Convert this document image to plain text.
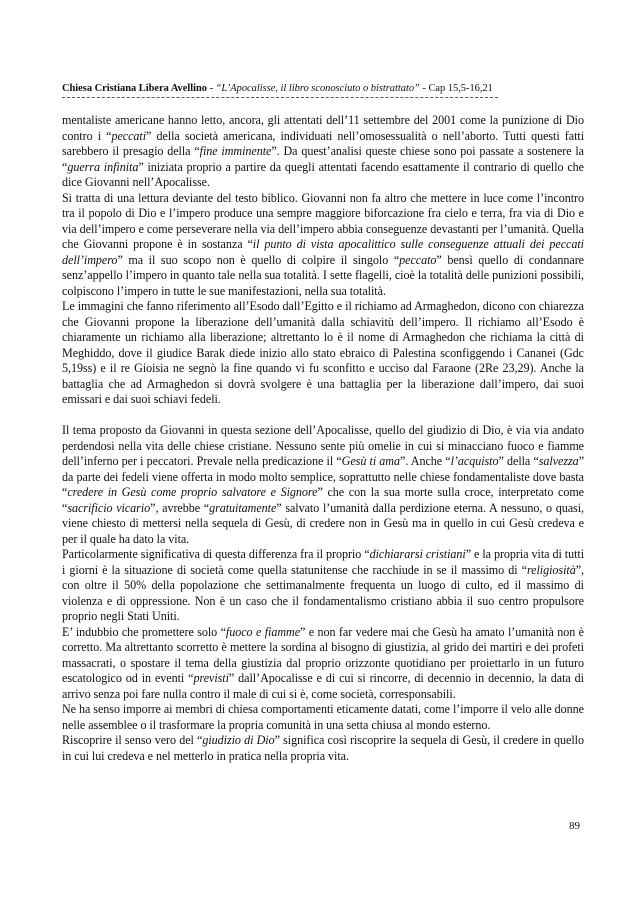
Chiesa Cristiana Libera Avellino - “L’Apocalisse, il libro sconosciuto o bistrattato” - Cap 15,5-16,21

mentaliste americane hanno letto, ancora, gli attentati dell’11 settembre del 2001 come la punizione di Dio contro i “peccati” della società americana, individuati nell’omosessualità o nell’aborto. Tutti questi fatti sarebbero il presagio della “fine imminente”. Da quest’analisi queste chiese sono poi passate a sostenere la “guerra infinita” iniziata proprio a partire da quegli attentati facendo esattamente il contrario di quello che dice Giovanni nell’Apocalisse.

Si tratta di una lettura deviante del testo biblico. Giovanni non fa altro che mettere in luce come l’incontro tra il popolo di Dio e l’impero produce una sempre maggiore biforcazione fra cielo e terra, fra via di Dio e via dell’impero e come perseverare nella via dell’impero abbia conseguenze devastanti per l’umanità. Quella che Giovanni propone è in sostanza “il punto di vista apocalittico sulle conseguenze attuali dei peccati dell’impero” ma il suo scopo non è quello di colpire il singolo “peccato” bensì quello di condannare senz’appello l’impero in quanto tale nella sua totalità. I sette flagelli, cioè la totalità delle punizioni possibili, colpiscono l’impero in tutte le sue manifestazioni, nella sua totalità.

Le immagini che fanno riferimento all’Esodo dall’Egitto e il richiamo ad Armaghedon, dicono con chiarezza che Giovanni propone la liberazione dell’umanità dalla schiavitù dell’impero. Il richiamo all’Esodo è chiaramente un richiamo alla liberazione; altrettanto lo è il nome di Armaghedon che richiama la città di Meghiddo, dove il giudice Barak diede inizio allo stato ebraico di Palestina sconfiggendo i Cananei (Gdc 5,19ss) e il re Gioisia ne segnò la fine quando vi fu sconfitto e ucciso dal Faraone (2Re 23,29). Anche la battaglia che ad Armaghedon si dovrà svolgere è una battaglia per la liberazione dall’impero, dai suoi emissari e dai suoi schiavi fedeli.

Il tema proposto da Giovanni in questa sezione dell’Apocalisse, quello del giudizio di Dio, è via via andato perdendosi nella vita delle chiese cristiane. Nessuno sente più omelie in cui si minacciano fuoco e fiamme dell’inferno per i peccatori. Prevale nella predicazione il “Gesù ti ama”. Anche “l’acquisto” della “salvezza” da parte dei fedeli viene offerta in modo molto semplice, soprattutto nelle chiese fondamentaliste dove basta “credere in Gesù come proprio salvatore e Signore” che con la sua morte sulla croce, interpretato come “sacrificio vicario”, avrebbe “gratuitamente” salvato l’umanità dalla perdizione eterna. A nessuno, o quasi, viene chiesto di mettersi nella sequela di Gesù, di credere non in Gesù ma in quello in cui Gesù credeva e per il quale ha dato la vita.

Particolarmente significativa di questa differenza fra il proprio “dichiararsi cristiani” e la propria vita di tutti i giorni è la situazione di società come quella statunitense che racchiude in se il massimo di “religiosità”, con oltre il 50% della popolazione che settimanalmente frequenta un luogo di culto, ed il massimo di violenza e di oppressione. Non è un caso che il fondamentalismo cristiano abbia il suo centro propulsore proprio negli Stati Uniti.

E’ indubbio che promettere solo “fuoco e fiamme” e non far vedere mai che Gesù ha amato l’umanità non è corretto. Ma altrettanto scorretto è mettere la sordina al bisogno di giustizia, al grido dei martiri e dei profeti massacrati, o spostare il tema della giustizia dal proprio orizzonte quotidiano per proiettarlo in un futuro escatologico od in eventi “previsti” dall’Apocalisse e di cui si rincorre, di decennio in decennio, la data di arrivo senza poi fare nulla contro il male di cui si è, come società, corresponsabili.

Ne ha senso imporre ai membri di chiesa comportamenti eticamente datati, come l’imporre il velo alle donne nelle assemblee o il trasformare la propria comunità in una setta chiusa al mondo esterno.

Riscoprire il senso vero del “giudizio di Dio” significa così riscoprire la sequela di Gesù, il credere in quello in cui lui credeva e nel metterlo in pratica nella propria vita.

89
